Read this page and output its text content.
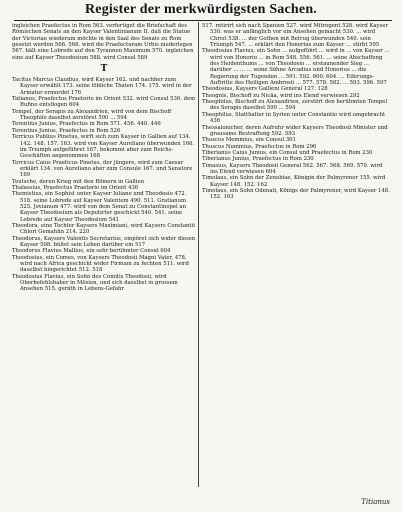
Register der merkwürdigsten Sachen.
ingleichen Praefectus in Rom 563. verfertiget die Briefschaft des Römischen Senats an den Kayser Valentinianum II. daß die Statue der Victoriae wiederum möchte in den Saal des Senats zu Rom gesetzt werden 566. 568. wird die Praefecturam Urbis niederlegen 567. hält eine Lobrede auf den Tyrannen Maximum 570. ingleichen eine auf Kayser Theodosium 588. wird Consul 589
T
Tacitus Marcus Claudius, wird Kayser 162. und nachher zum Kayser erwählt 173. seine löbliche Thaten 174. 175. wird in der Armatur ermordet 176
Tatianus, Praefectus Praetorio im Orient 532. wird Consul 536. dem Rufino entsflogen 604
Tempel, der Serapis zu Alexandrien, wird von dem Bischoff Theophilo daselbst zerstöret 590 ... 594
Terentius Junius, Praefectus in Rom 571. 456. 440. 446
Terentius Junius, Praefectus in Rom 526
Terricus Publius Pinetus, wirft sich zum Kayser in Gallien auf 134. 142. 148. 157. 163. wird von Kayser Aureliano überwunden 166. im Triumph aufgeführet 167. bekommt aber zum Reichs-Geschäften angenommen 168
Terricus Caius Praeticus Pinetus, der jüngere, wird zum Caesar erklärt 134. von Aureliano aber zum Consule 167. und Senatore 169
Teutsche, deren Krieg mit den Römern in Gallien
Thalassius, Praefectus Praetorio im Orient 436
Themistius, ein Sophist unter Kayser Iuliano und Theodosio 472. 518. seine Lobrede auf Kayser Valentem 490. 511. Gratianum 525. Jovianum 477. wird von dem Senat zu Constantinopel an Kayser Theodosium als Deputirter geschickt 540. 541. seine Lobrede auf Kayser Theodosium 541
Theodora, eine Tochter Kaysers Maximiani, wird Kaysers Constantii Chlori Gemahlin 214. 220
Theodorus, Kaysers Valentis Secretarius, empöret sich wider diesen Kayser 508. büßet sein Leben darüber ein 517
Theodorus Flavius Mallius, ein sehr berühmter Consul 604
Theodosius, ein Comes, von Kaysers Theodosii Magni Vater, 478. wird nach Africa geschickt wider Firmum zu fechten 511. wird daselbst hingerichtet 512. 518
Theodosius Flavius, ein Sohn des Comitis Theodosii, wird Oberbefehlshaber in Mösien, und sich daselbst in grossem Ansehen 515. geräth in Lebens-Gefahr
517. retirirt sich nach Spanien 527. wird Mitregent 528. wird Kayser 530. was er anfänglich vor ein Ansehen gemacht 530. ... wird Christ 538. ... der Gothen mit Betrug überwunden 540. sein Triumph 547. ... erklärt den Honorius zum Kayser ... stirbt 595
Theodosius Flavius, ein Sohn ... aufgeführt ... wird in ... von Kayser ... wird von Honorio ... in Rom 548. 556. 561. ... seine Abschaffung des Heidenthums ... von Theodosio ... erstaunender Sieg ... darüber ... ... ... seine Söhne Arcadius und Honorius ... die Regierung der Tugenden ... 591. 592. 600. 604. ... Eiferungs-Auftritte des Heiligen Ambrosii ... 577. 578. 582. ... 593. 596. 597
Theodosius, Kaysers Gallieni General 127. 128
Theognis, Bischoff zu Nicäa, wird ins Elend verwiesen 292
Theophilus, Bischoff zu Alexandrien, zerstört den berühmten Tempel des Serapis daselbst 590 ... 594
Theophilus, Statthalter in Syrien unter Constantio wird umgebracht 436
Thessalonicher, deren Aufruhr wider Kaysers Theodosii Minister und grausame Bestraffung 592. 593
Thuscus Memmius, ein Consul 301
Thuscus Nummius, Praefectus in Rom 296
Tiberianus Caius Junius, ein Consul und Praefectus in Rom 230
Tiberianus Junius, Praefectus in Rom 230
Timasius, Kaysers Theodosii General 562. 567. 568. 569. 570. wird ins Elend verwiesen 604
Timolaus, ein Sohn der Zenobiae, Königin der Palmyrener 155. wird Kayser 148. 152. 162
Timolaus, ein Sohn Odenati, Königs der Palmyrener, wird Kayser 148. 152. 163
Titianus
